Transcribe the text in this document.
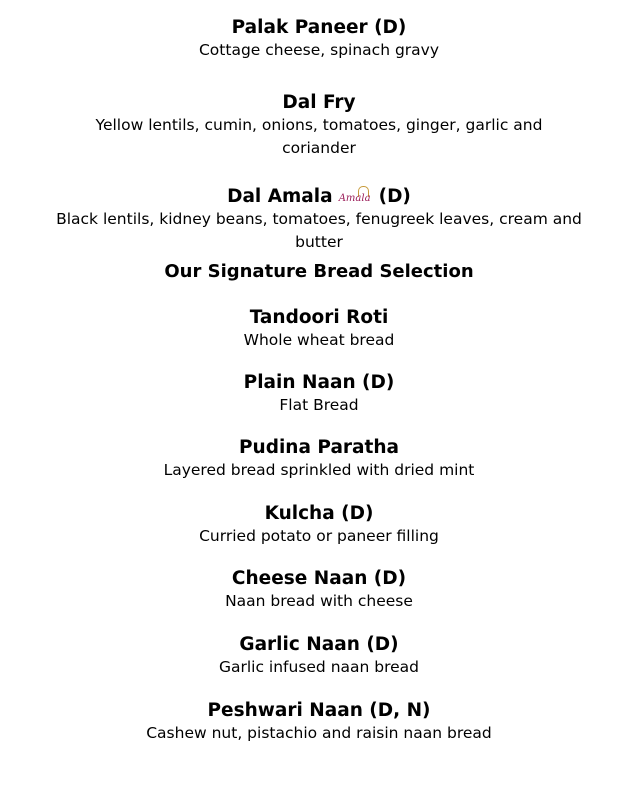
Palak Paneer (D)
Cottage cheese, spinach gravy
Dal Fry
Yellow lentils, cumin, onions, tomatoes, ginger, garlic and coriander
Dal Amala Amala (D)
Black lentils, kidney beans, tomatoes, fenugreek leaves, cream and butter
Our Signature Bread Selection
Tandoori Roti
Whole wheat bread
Plain Naan (D)
Flat Bread
Pudina Paratha
Layered bread sprinkled with dried mint
Kulcha (D)
Curried potato or paneer filling
Cheese Naan (D)
Naan bread with cheese
Garlic Naan (D)
Garlic infused naan bread
Peshwari Naan (D, N)
Cashew nut, pistachio and raisin naan bread
